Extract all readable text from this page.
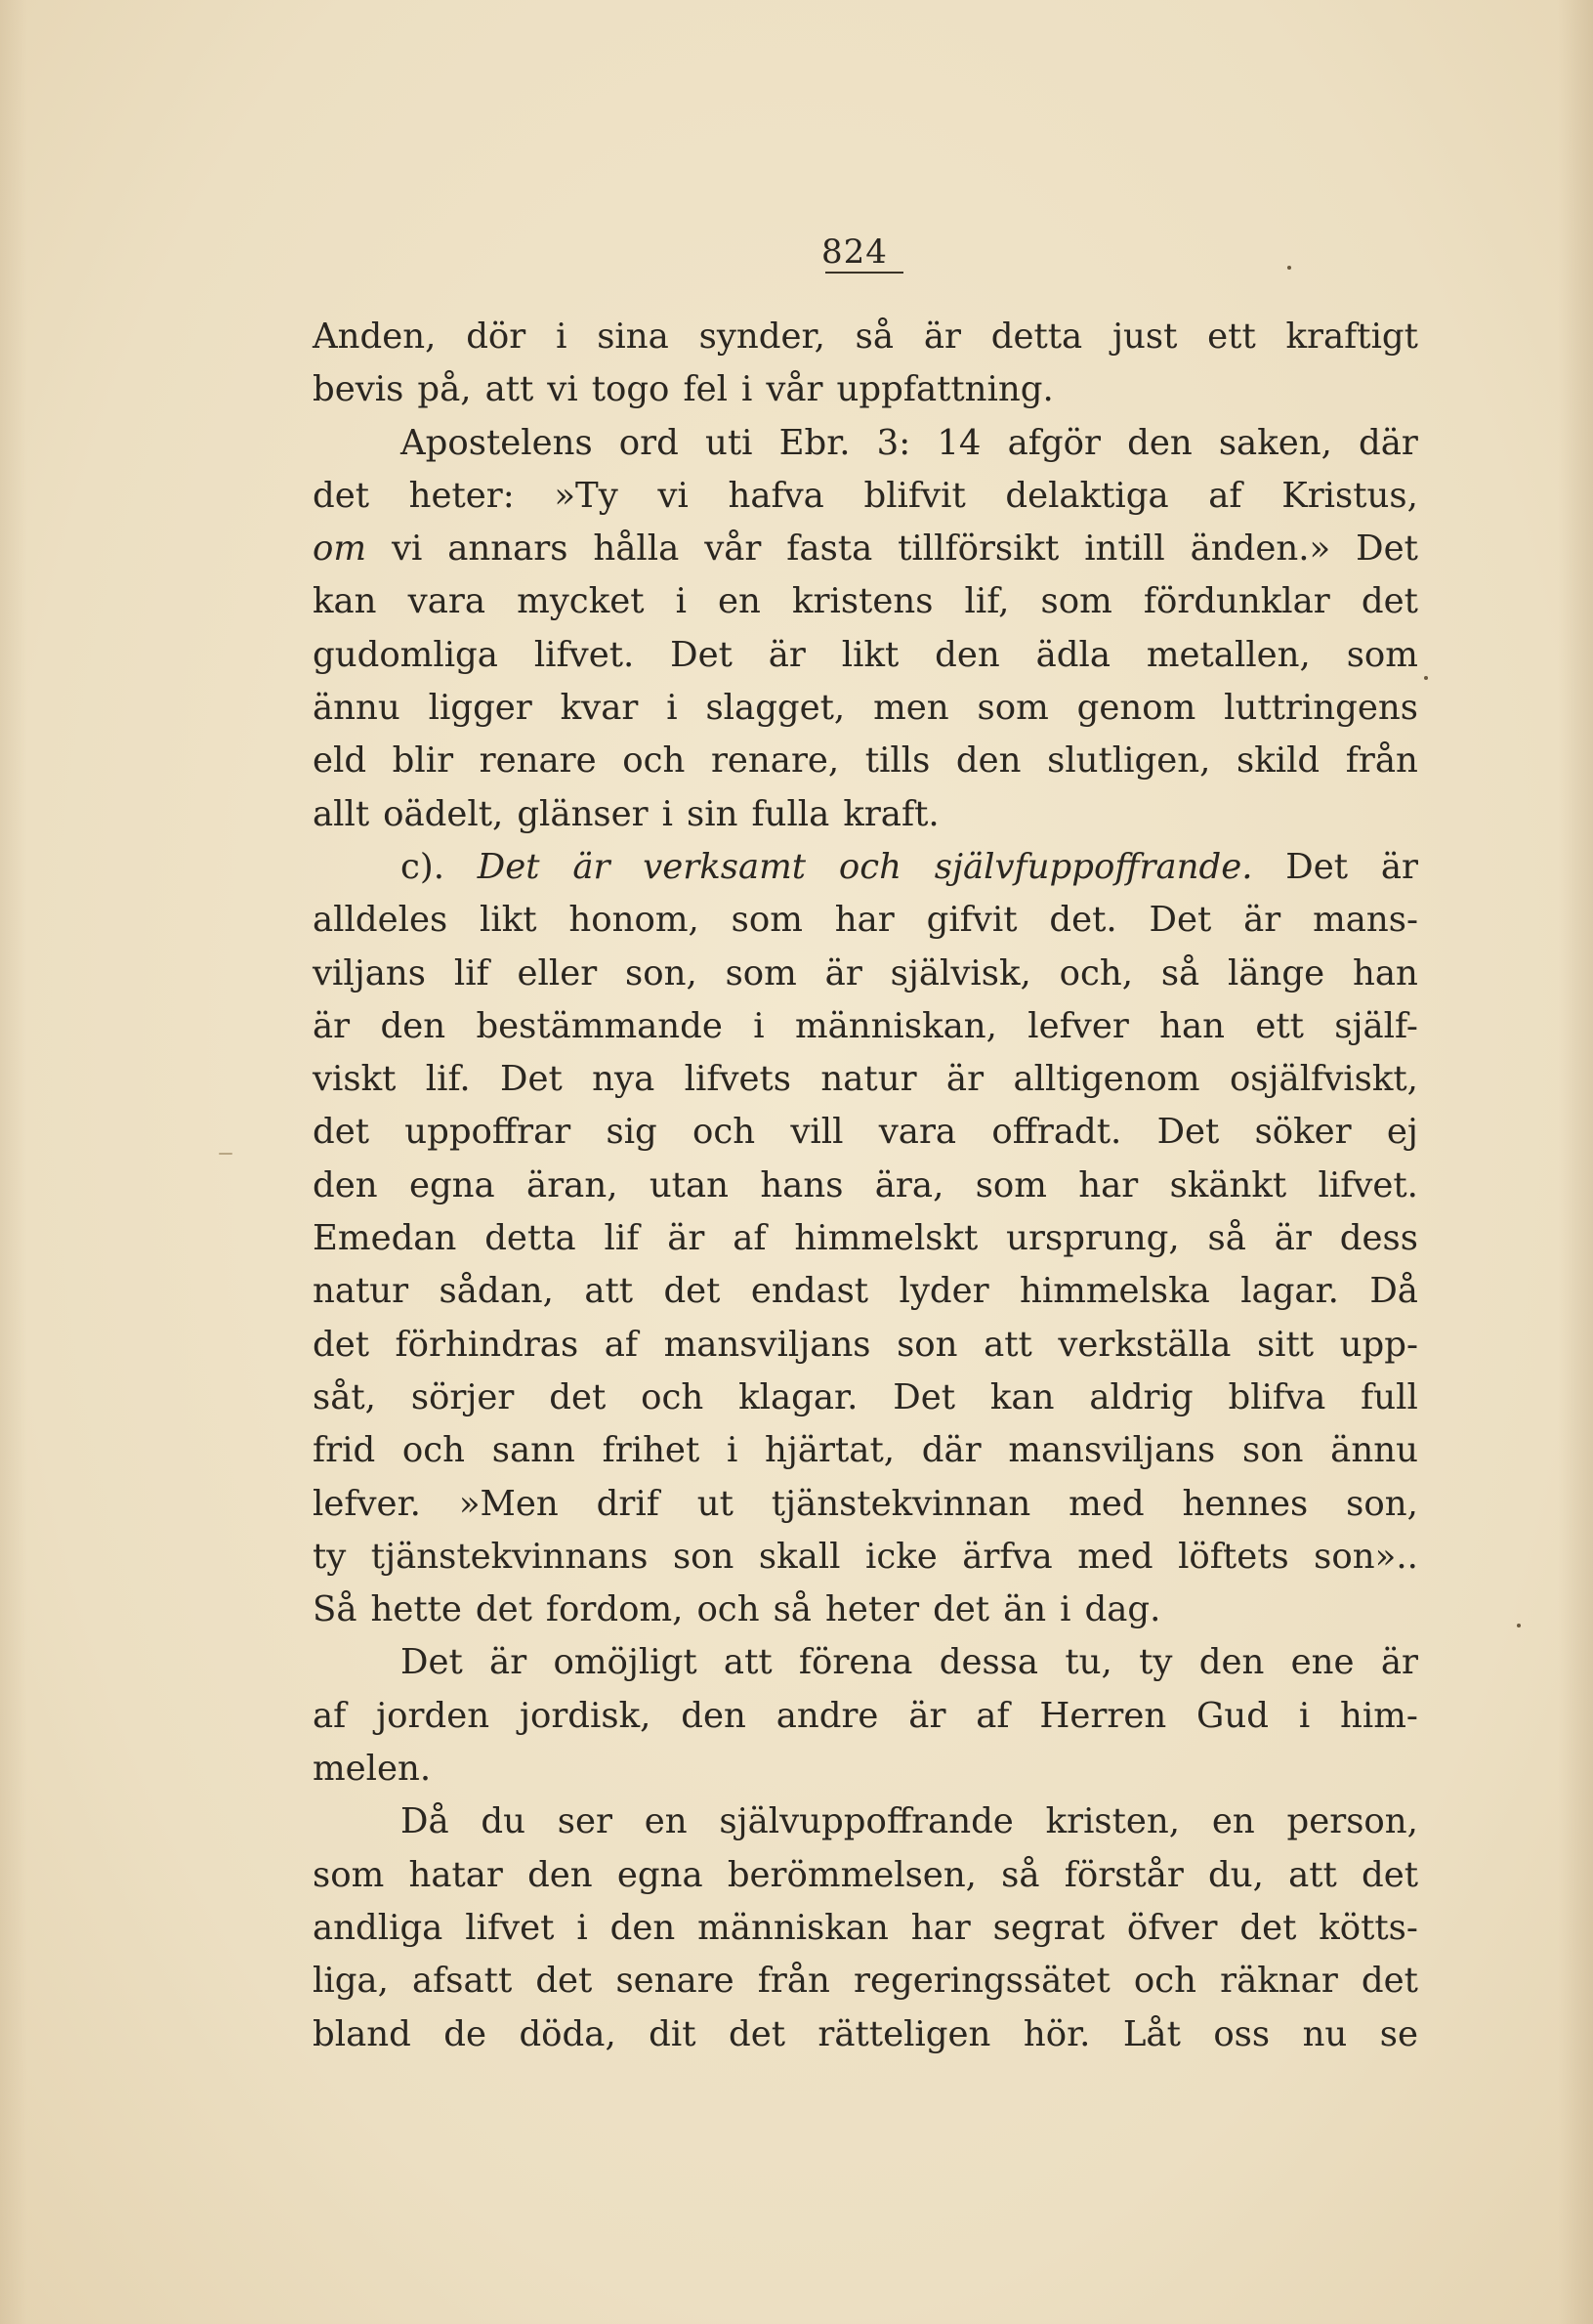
824
Anden, dör i sina synder, så är detta just ett kraftigt
bevis på, att vi togo fel i vår uppfattning.
Apostelens ord uti Ebr. 3: 14 afgör den saken, där
det heter: »Ty vi hafva blifvit delaktiga af Kristus,
om vi annars hålla vår fasta tillförsikt intill änden.» Det
kan vara mycket i en kristens lif, som fördunklar det
gudomliga lifvet. Det är likt den ädla metallen, som
ännu ligger kvar i slagget, men som genom luttringens
eld blir renare och renare, tills den slutligen, skild från
allt oädelt, glänser i sin fulla kraft.
c). Det är verksamt och självfuppoffrande. Det är
alldeles likt honom, som har gifvit det. Det är mans-
viljans lif eller son, som är självisk, och, så länge han
är den bestämmande i människan, lefver han ett själf-
viskt lif. Det nya lifvets natur är alltigenom osjälfviskt,
det uppoffrar sig och vill vara offradt. Det söker ej
den egna äran, utan hans ära, som har skänkt lifvet.
Emedan detta lif är af himmelskt ursprung, så är dess
natur sådan, att det endast lyder himmelska lagar. Då
det förhindras af mansviljans son att verkställa sitt upp-
såt, sörjer det och klagar. Det kan aldrig blifva full
frid och sann frihet i hjärtat, där mansviljans son ännu
lefver. »Men drif ut tjänstekvinnan med hennes son,
ty tjänstekvinnans son skall icke ärfva med löftets son»..
Så hette det fordom, och så heter det än i dag.
Det är omöjligt att förena dessa tu, ty den ene är
af jorden jordisk, den andre är af Herren Gud i him-
melen.
Då du ser en självuppoffrande kristen, en person,
som hatar den egna berömmelsen, så förstår du, att det
andliga lifvet i den människan har segrat öfver det kötts-
liga, afsatt det senare från regeringssätet och räknar det
bland de döda, dit det rätteligen hör. Låt oss nu se
